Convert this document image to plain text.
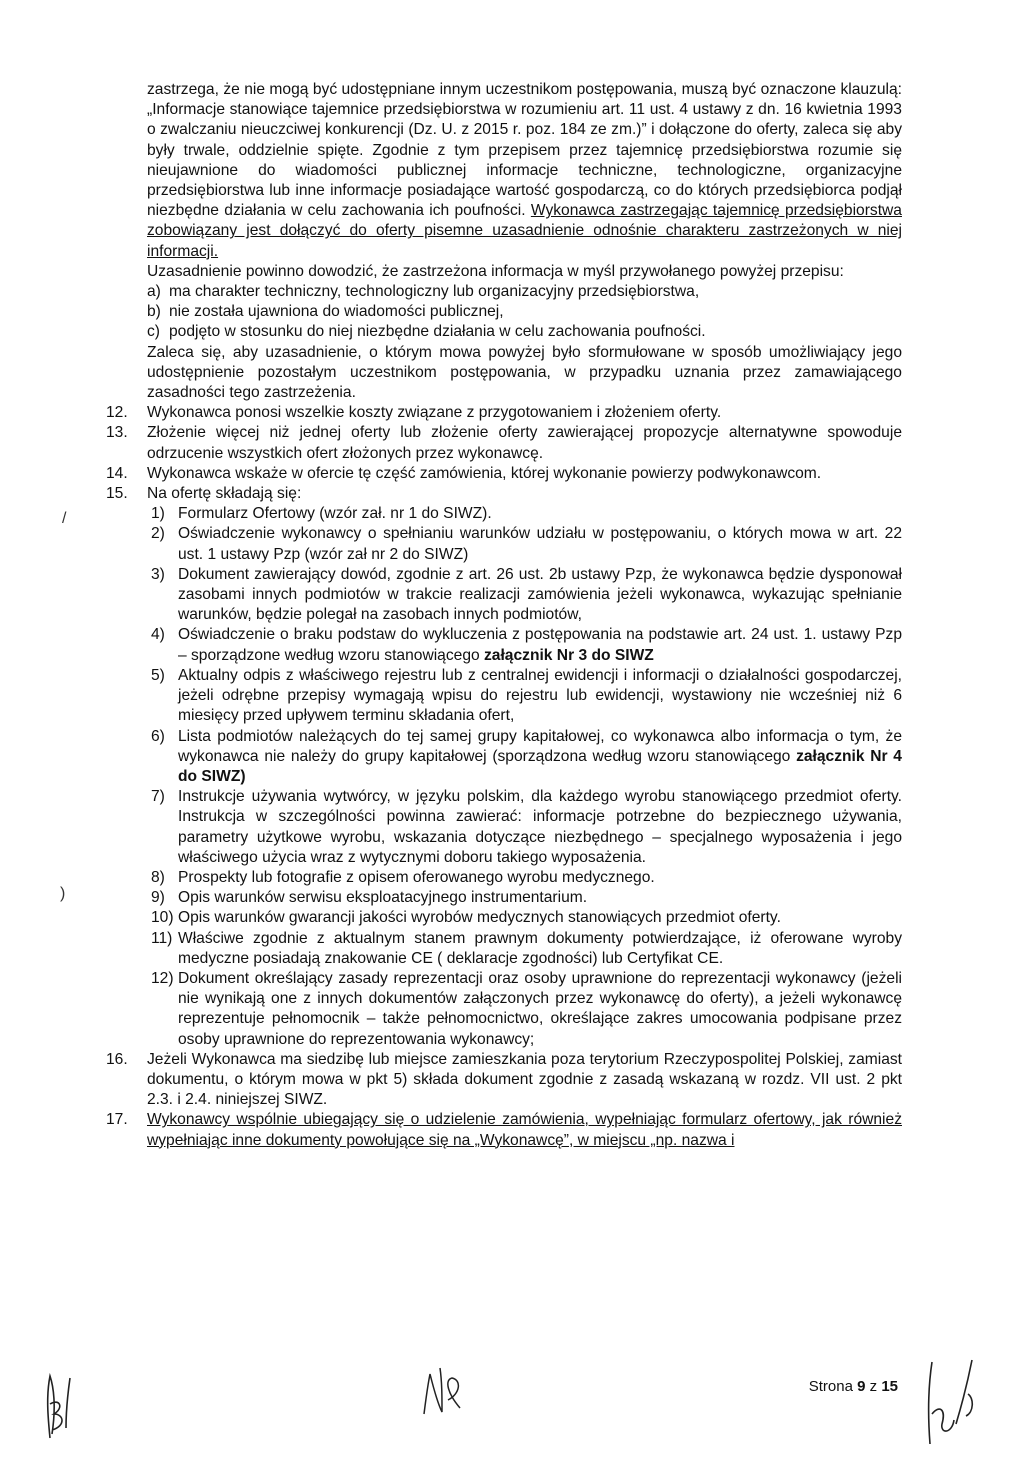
zastrzega, że nie mogą być udostępniane innym uczestnikom postępowania, muszą być oznaczone klauzulą: „Informacje stanowiące tajemnice przedsiębiorstwa w rozumieniu art. 11 ust. 4 ustawy z dn. 16 kwietnia 1993 o zwalczaniu nieuczciwej konkurencji (Dz. U. z 2015 r. poz. 184 ze zm.)” i dołączone do oferty, zaleca się aby były trwale, oddzielnie spięte. Zgodnie z tym przepisem przez tajemnicę przedsiębiorstwa rozumie się nieujawnione do wiadomości publicznej informacje techniczne, technologiczne, organizacyjne przedsiębiorstwa lub inne informacje posiadające wartość gospodarczą, co do których przedsiębiorca podjął niezbędne działania w celu zachowania ich poufności. Wykonawca zastrzegając tajemnicę przedsiębiorstwa zobowiązany jest dołączyć do oferty pisemne uzasadnienie odnośnie charakteru zastrzeżonych w niej informacji.

Uzasadnienie powinno dowodzić, że zastrzeżona informacja w myśl przywołanego powyżej przepisu:

a) ma charakter techniczny, technologiczny lub organizacyjny przedsiębiorstwa,
b) nie została ujawniona do wiadomości publicznej,
c) podjęto w stosunku do niej niezbędne działania w celu zachowania poufności.

Zaleca się, aby uzasadnienie, o którym mowa powyżej było sformułowane w sposób umożliwiający jego udostępnienie pozostałym uczestnikom postępowania, w przypadku uznania przez zamawiającego zasadności tego zastrzeżenia.

12.	Wykonawca ponosi wszelkie koszty związane z przygotowaniem i złożeniem oferty.
13.	Złożenie więcej niż jednej oferty lub złożenie oferty zawierającej propozycje alternatywne spowoduje odrzucenie wszystkich ofert złożonych przez wykonawcę.
14.	Wykonawca wskaże w ofercie tę część zamówienia, której wykonanie powierzy podwykonawcom.
15.	Na ofertę składają się:
1) Formularz Ofertowy (wzór zał. nr 1 do SIWZ).
2) Oświadczenie wykonawcy o spełnianiu warunków udziału w postępowaniu, o których mowa w art. 22 ust. 1 ustawy Pzp (wzór zał nr 2 do SIWZ)
3) Dokument zawierający dowód, zgodnie z art. 26 ust. 2b ustawy Pzp, że wykonawca będzie dysponował zasobami innych podmiotów w trakcie realizacji zamówienia jeżeli wykonawca, wykazując spełnianie warunków, będzie polegał na zasobach innych podmiotów,
4) Oświadczenie o braku podstaw do wykluczenia z postępowania na podstawie art. 24 ust. 1. ustawy Pzp – sporządzone według wzoru stanowiącego załącznik Nr 3 do SIWZ
5) Aktualny odpis z właściwego rejestru lub z centralnej ewidencji i informacji o działalności gospodarczej, jeżeli odrębne przepisy wymagają wpisu do rejestru lub ewidencji, wystawiony nie wcześniej niż 6 miesięcy przed upływem terminu składania ofert,
6) Lista podmiotów należących do tej samej grupy kapitałowej, co wykonawca albo informacja o tym, że wykonawca nie należy do grupy kapitałowej (sporządzona według wzoru stanowiącego załącznik Nr 4 do SIWZ)
7) Instrukcje używania wytwórcy, w języku polskim, dla każdego wyrobu stanowiącego przedmiot oferty. Instrukcja w szczególności powinna zawierać: informacje potrzebne do bezpiecznego używania, parametry użytkowe wyrobu, wskazania dotyczące niezbędnego – specjalnego wyposażenia i jego właściwego użycia wraz z wytycznymi doboru takiego wyposażenia.
8) Prospekty lub fotografie z opisem oferowanego wyrobu medycznego.
9) Opis warunków serwisu eksploatacyjnego instrumentarium.
10) Opis warunków gwarancji jakości wyrobów medycznych stanowiących przedmiot oferty.
11) Właściwe zgodnie z aktualnym stanem prawnym dokumenty potwierdzające, iż oferowane wyroby medyczne posiadają znakowanie CE ( deklaracje zgodności) lub Certyfikat CE.
12) Dokument określający zasady reprezentacji oraz osoby uprawnione do reprezentacji wykonawcy (jeżeli nie wynikają one z innych dokumentów załączonych przez wykonawcę do oferty), a jeżeli wykonawcę reprezentuje pełnomocnik – także pełnomocnictwo, określające zakres umocowania podpisane przez osoby uprawnione do reprezentowania wykonawcy;
16.	Jeżeli Wykonawca ma siedzibę lub miejsce zamieszkania poza terytorium Rzeczypospolitej Polskiej, zamiast dokumentu, o którym mowa w pkt 5) składa dokument zgodnie z zasadą wskazaną w rozdz. VII ust. 2 pkt 2.3. i 2.4. niniejszej SIWZ.
17.	Wykonawcy wspólnie ubiegający się o udzielenie zamówienia, wypełniając formularz ofertowy, jak również wypełniając inne dokumenty powołujące się na „Wykonawcę”, w miejscu „np. nazwa i
/
)
Strona 9 z 15
